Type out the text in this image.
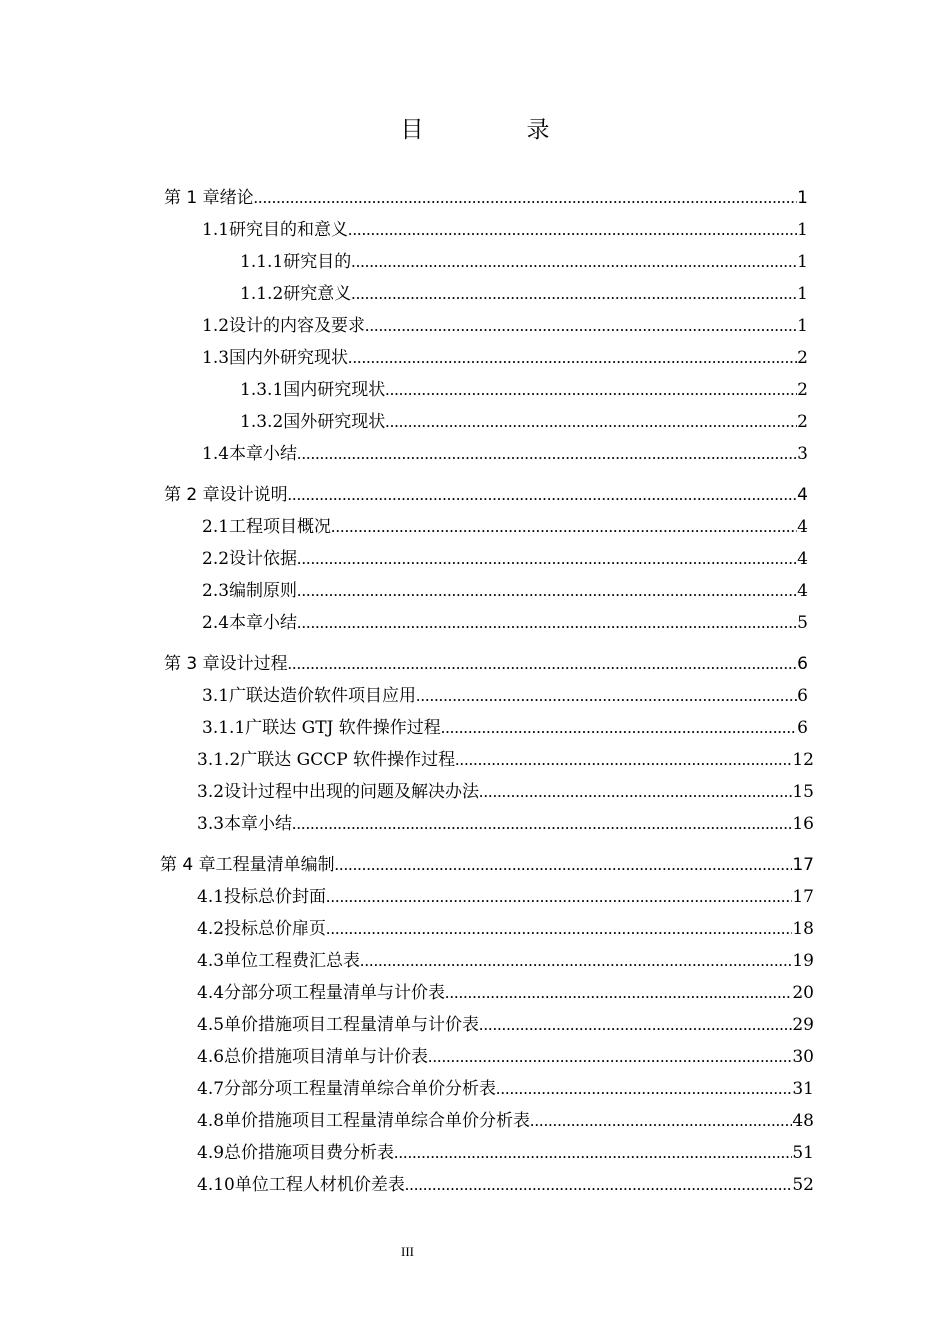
目　录
第 1 章 绪论 .....	1
1.1 研究目的和意义 .....	1
1.1.1 研究目的 .....	1
1.1.2 研究意义 .....	1
1.2 设计的内容及要求 .....	1
1.3 国内外研究现状 .....	2
1.3.1 国内研究现状 .....	2
1.3.2 国外研究现状 .....	2
1.4 本章小结 .....	3
第 2 章 设计说明 .....	4
2.1 工程项目概况 .....	4
2.2 设计依据 .....	4
2.3 编制原则 .....	4
2.4 本章小结 .....	5
第 3 章 设计过程 .....	6
3.1 广联达造价软件项目应用 .....	6
3.1.1 广联达 GTJ 软件操作过程 .....	6
3.1.2 广联达 GCCP 软件操作过程 .....	12
3.2 设计过程中出现的问题及解决办法 .....	15
3.3 本章小结 .....	16
第 4 章 工程量清单编制 .....	17
4.1 投标总价封面 .....	17
4.2 投标总价扉页 .....	18
4.3 单位工程费汇总表 .....	19
4.4 分部分项工程量清单与计价表 .....	20
4.5 单价措施项目工程量清单与计价表 .....	29
4.6 总价措施项目清单与计价表 .....	30
4.7 分部分项工程量清单综合单价分析表 .....	31
4.8 单价措施项目工程量清单综合单价分析表 .....	48
4.9 总价措施项目费分析表 .....	51
4.10 单位工程人材机价差表 .....	52
III
